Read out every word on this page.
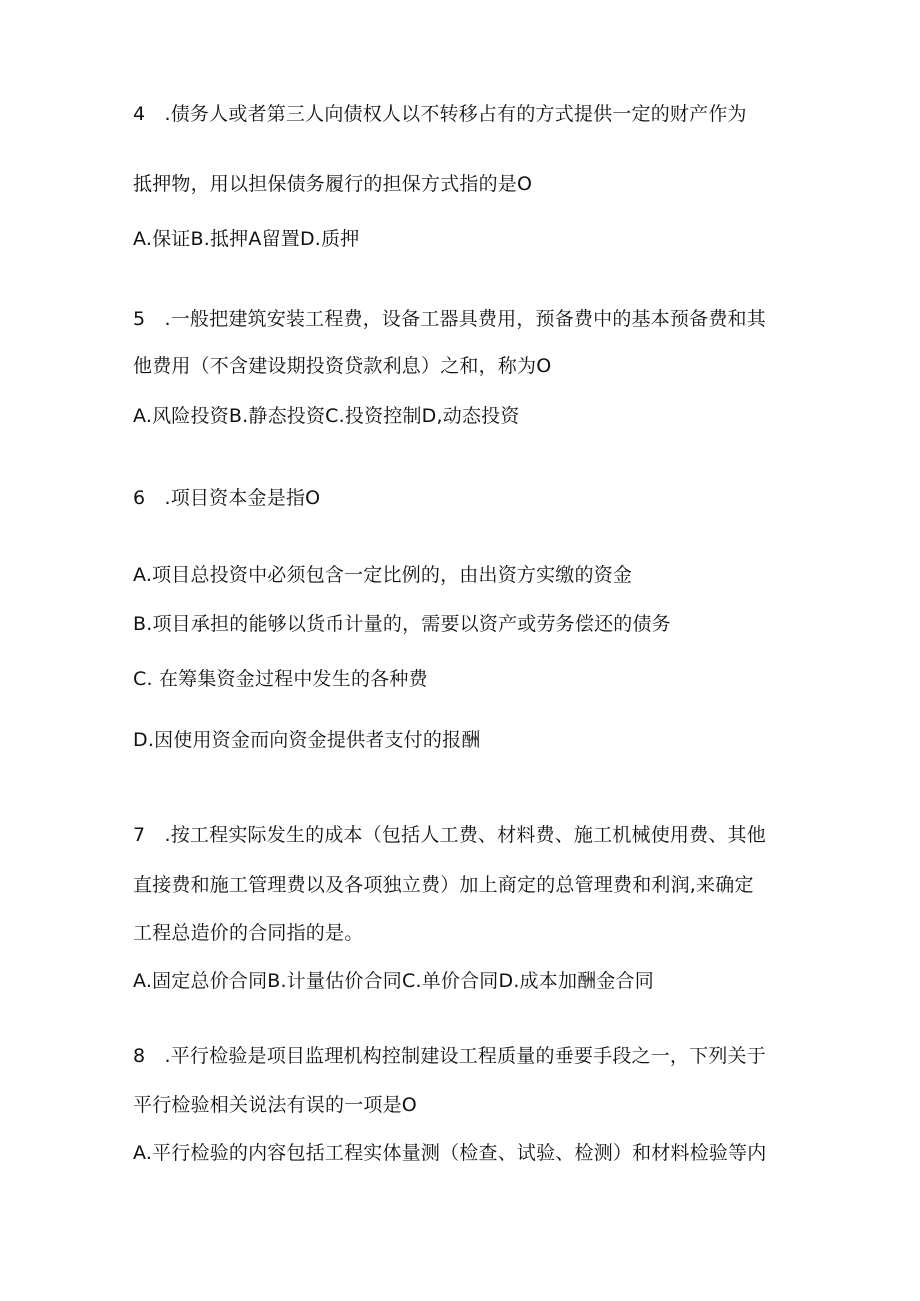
4　.债务人或者第三人向债权人以不转移占有的方式提供一定的财产作为
抵押物，用以担保债务履行的担保方式指的是O
A.保证B.抵押A留置D.质押
5　.一般把建筑安装工程费，设备工器具费用，预备费中的基本预备费和其
他费用（不含建设期投资贷款利息）之和，称为O
A.风险投资B.静态投资C.投资控制D,动态投资
6　.项目资本金是指O
A.项目总投资中必须包含一定比例的，由出资方实缴的资金
B.项目承担的能够以货币计量的，需要以资产或劳务偿还的债务
C. 在筹集资金过程中发生的各种费
D.因使用资金而向资金提供者支付的报酬
7　.按工程实际发生的成本（包括人工费、材料费、施工机械使用费、其他
直接费和施工管理费以及各项独立费）加上商定的总管理费和利润,来确定
工程总造价的合同指的是。
A.固定总价合同B.计量估价合同C.单价合同D.成本加酬金合同
8　.平行检验是项目监理机构控制建设工程质量的垂要手段之一，下列关于
平行检验相关说法有误的一项是O
A.平行检验的内容包括工程实体量测（检查、试验、检测）和材料检验等内
